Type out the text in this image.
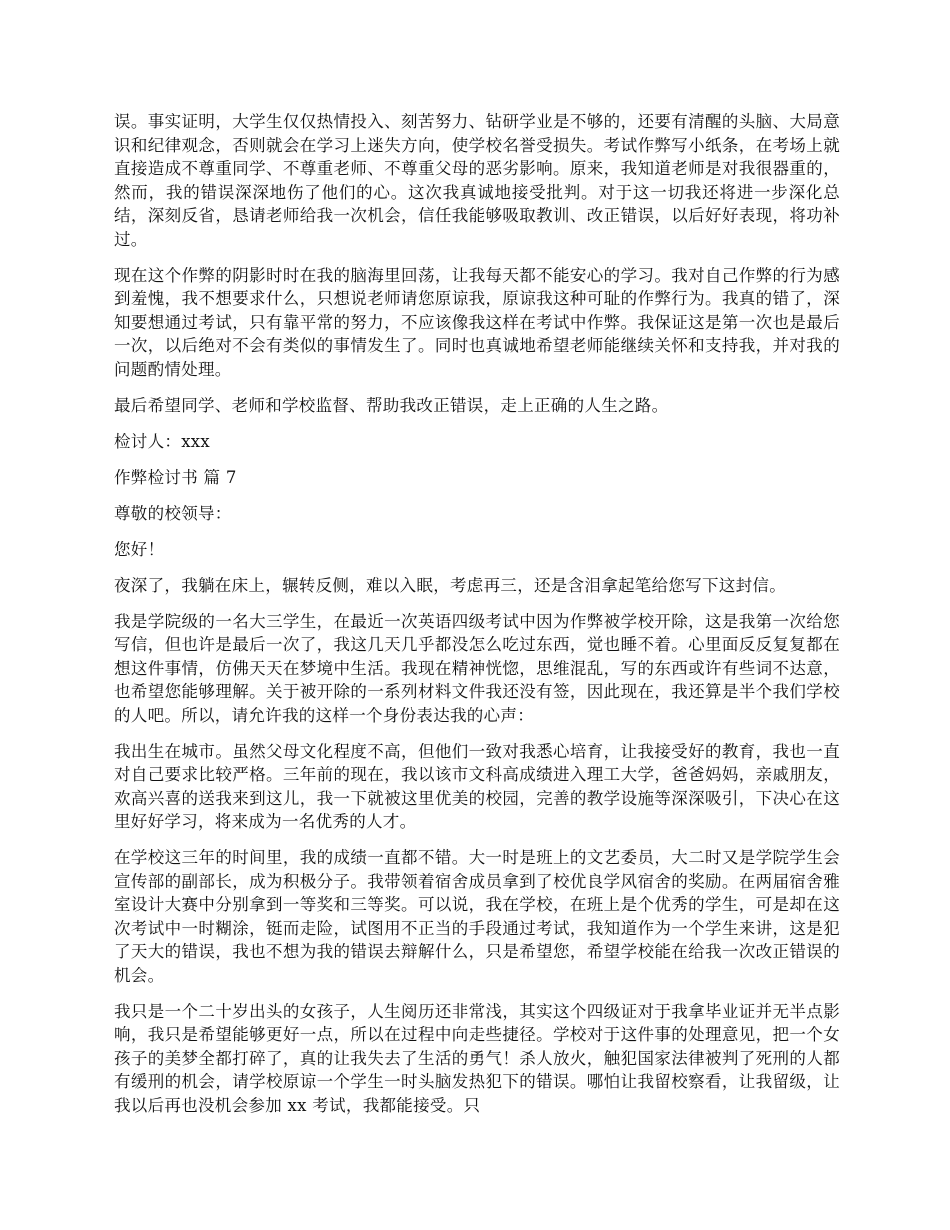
误。事实证明，大学生仅仅热情投入、刻苦努力、钻研学业是不够的，还要有清醒的头脑、大局意识和纪律观念，否则就会在学习上迷失方向，使学校名誉受损失。考试作弊写小纸条，在考场上就直接造成不尊重同学、不尊重老师、不尊重父母的恶劣影响。原来，我知道老师是对我很器重的，然而，我的错误深深地伤了他们的心。这次我真诚地接受批判。对于这一切我还将进一步深化总结，深刻反省，恳请老师给我一次机会，信任我能够吸取教训、改正错误，以后好好表现，将功补过。

现在这个作弊的阴影时时在我的脑海里回荡，让我每天都不能安心的学习。我对自己作弊的行为感到羞愧，我不想要求什么，只想说老师请您原谅我，原谅我这种可耻的作弊行为。我真的错了，深知要想通过考试，只有靠平常的努力，不应该像我这样在考试中作弊。我保证这是第一次也是最后一次，以后绝对不会有类似的事情发生了。同时也真诚地希望老师能继续关怀和支持我，并对我的问题酌情处理。

最后希望同学、老师和学校监督、帮助我改正错误，走上正确的人生之路。

检讨人：xxx

作弊检讨书 篇 7

尊敬的校领导：

您好！

夜深了，我躺在床上，辗转反侧，难以入眠，考虑再三，还是含泪拿起笔给您写下这封信。

我是学院级的一名大三学生，在最近一次英语四级考试中因为作弊被学校开除，这是我第一次给您写信，但也许是最后一次了，我这几天几乎都没怎么吃过东西，觉也睡不着。心里面反反复复都在想这件事情，仿佛天天在梦境中生活。我现在精神恍惚，思维混乱，写的东西或许有些词不达意，也希望您能够理解。关于被开除的一系列材料文件我还没有签，因此现在，我还算是半个我们学校的人吧。所以，请允许我的这样一个身份表达我的心声：

我出生在城市。虽然父母文化程度不高，但他们一致对我悉心培育，让我接受好的教育，我也一直对自己要求比较严格。三年前的现在，我以该市文科高成绩进入理工大学，爸爸妈妈，亲戚朋友，欢高兴喜的送我来到这儿，我一下就被这里优美的校园，完善的教学设施等深深吸引，下决心在这里好好学习，将来成为一名优秀的人才。

在学校这三年的时间里，我的成绩一直都不错。大一时是班上的文艺委员，大二时又是学院学生会宣传部的副部长，成为积极分子。我带领着宿舍成员拿到了校优良学风宿舍的奖励。在两届宿舍雅室设计大赛中分别拿到一等奖和三等奖。可以说，我在学校，在班上是个优秀的学生，可是却在这次考试中一时糊涂，铤而走险，试图用不正当的手段通过考试，我知道作为一个学生来讲，这是犯了天大的错误，我也不想为我的错误去辩解什么，只是希望您，希望学校能在给我一次改正错误的机会。

我只是一个二十岁出头的女孩子，人生阅历还非常浅，其实这个四级证对于我拿毕业证并无半点影响，我只是希望能够更好一点，所以在过程中向走些捷径。学校对于这件事的处理意见，把一个女孩子的美梦全都打碎了，真的让我失去了生活的勇气！杀人放火，触犯国家法律被判了死刑的人都有缓刑的机会，请学校原谅一个学生一时头脑发热犯下的错误。哪怕让我留校察看，让我留级，让我以后再也没机会参加 xx 考试，我都能接受。只
